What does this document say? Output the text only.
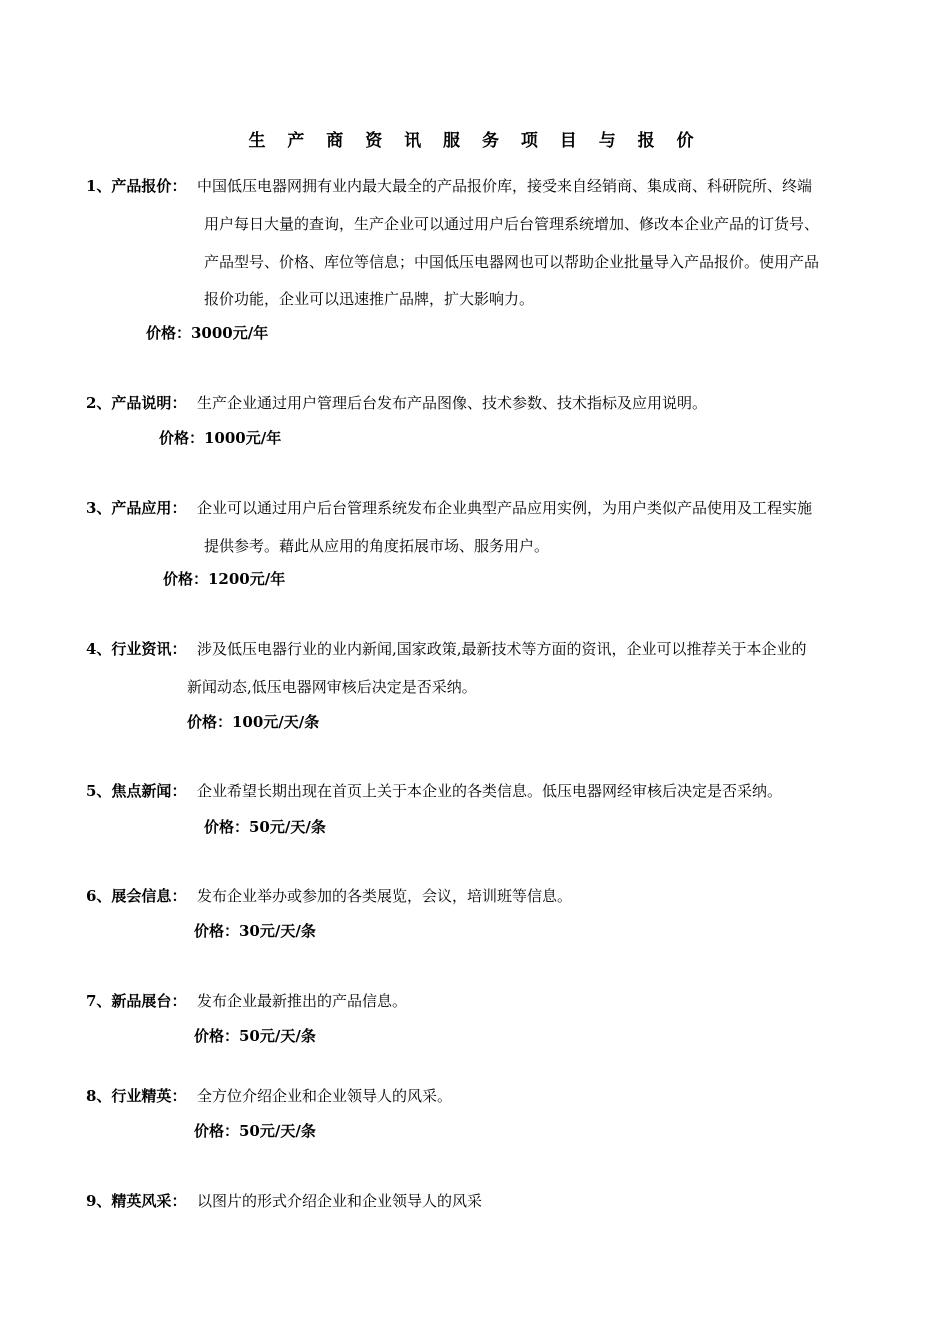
生 产 商 资 讯 服 务 项 目 与 报 价
1、产品报价： 中国低压电器网拥有业内最大最全的产品报价库，接受来自经销商、集成商、科研院所、终端
用户每日大量的查询，生产企业可以通过用户后台管理系统增加、修改本企业产品的订货号、
产品型号、价格、库位等信息；中国低压电器网也可以帮助企业批量导入产品报价。使用产品
报价功能，企业可以迅速推广品牌，扩大影响力。
价格：3000元/年
2、产品说明： 生产企业通过用户管理后台发布产品图像、技术参数、技术指标及应用说明。
价格：1000元/年
3、产品应用： 企业可以通过用户后台管理系统发布企业典型产品应用实例，为用户类似产品使用及工程实施
提供参考。藉此从应用的角度拓展市场、服务用户。
价格：1200元/年
4、行业资讯： 涉及低压电器行业的业内新闻,国家政策,最新技术等方面的资讯，企业可以推荐关于本企业的
新闻动态,低压电器网审核后决定是否采纳。
价格：100元/天/条
5、焦点新闻： 企业希望长期出现在首页上关于本企业的各类信息。低压电器网经审核后决定是否采纳。
价格：50元/天/条
6、展会信息： 发布企业举办或参加的各类展览，会议，培训班等信息。
价格：30元/天/条
7、新品展台： 发布企业最新推出的产品信息。
价格：50元/天/条
8、行业精英： 全方位介绍企业和企业领导人的风采。
价格：50元/天/条
9、精英风采： 以图片的形式介绍企业和企业领导人的风采
